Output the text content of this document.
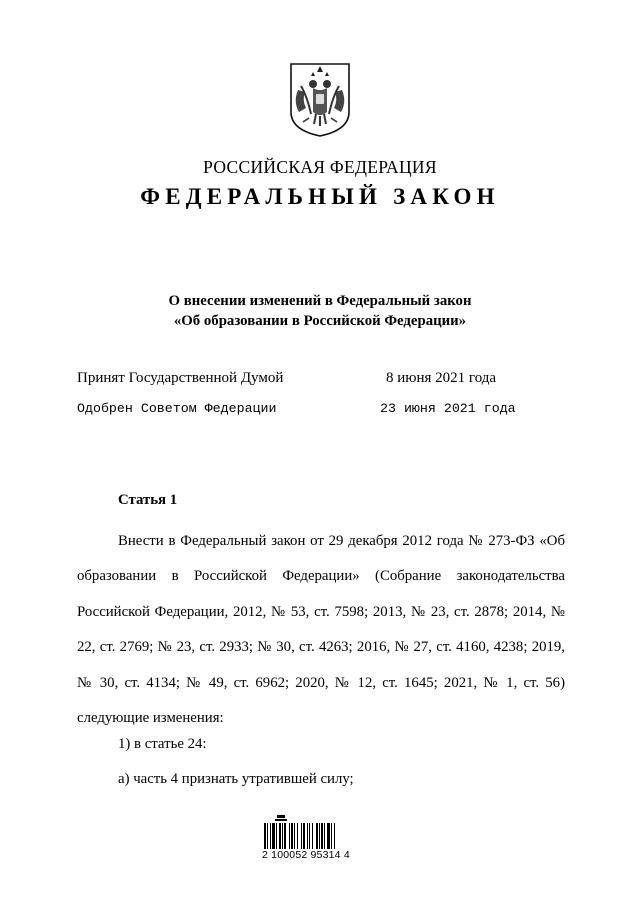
РОССИЙСКАЯ ФЕДЕРАЦИЯ
ФЕДЕРАЛЬНЫЙ ЗАКОН
О внесении изменений в Федеральный закон
«Об образовании в Российской Федерации»
Принят Государственной Думой	8 июня 2021 года
Одобрен Советом Федерации	23 июня 2021 года
Статья 1

Внести в Федеральный закон от 29 декабря 2012 года № 273-ФЗ «Об образовании в Российской Федерации» (Собрание законодательства Российской Федерации, 2012, № 53, ст. 7598; 2013, № 23, ст. 2878; 2014, № 22, ст. 2769; № 23, ст. 2933; № 30, ст. 4263; 2016, № 27, ст. 4160, 4238; 2019, № 30, ст. 4134; № 49, ст. 6962; 2020, № 12, ст. 1645; 2021, № 1, ст. 56) следующие изменения:

1) в статье 24:
а) часть 4 признать утратившей силу;
2 100052 95314 4
